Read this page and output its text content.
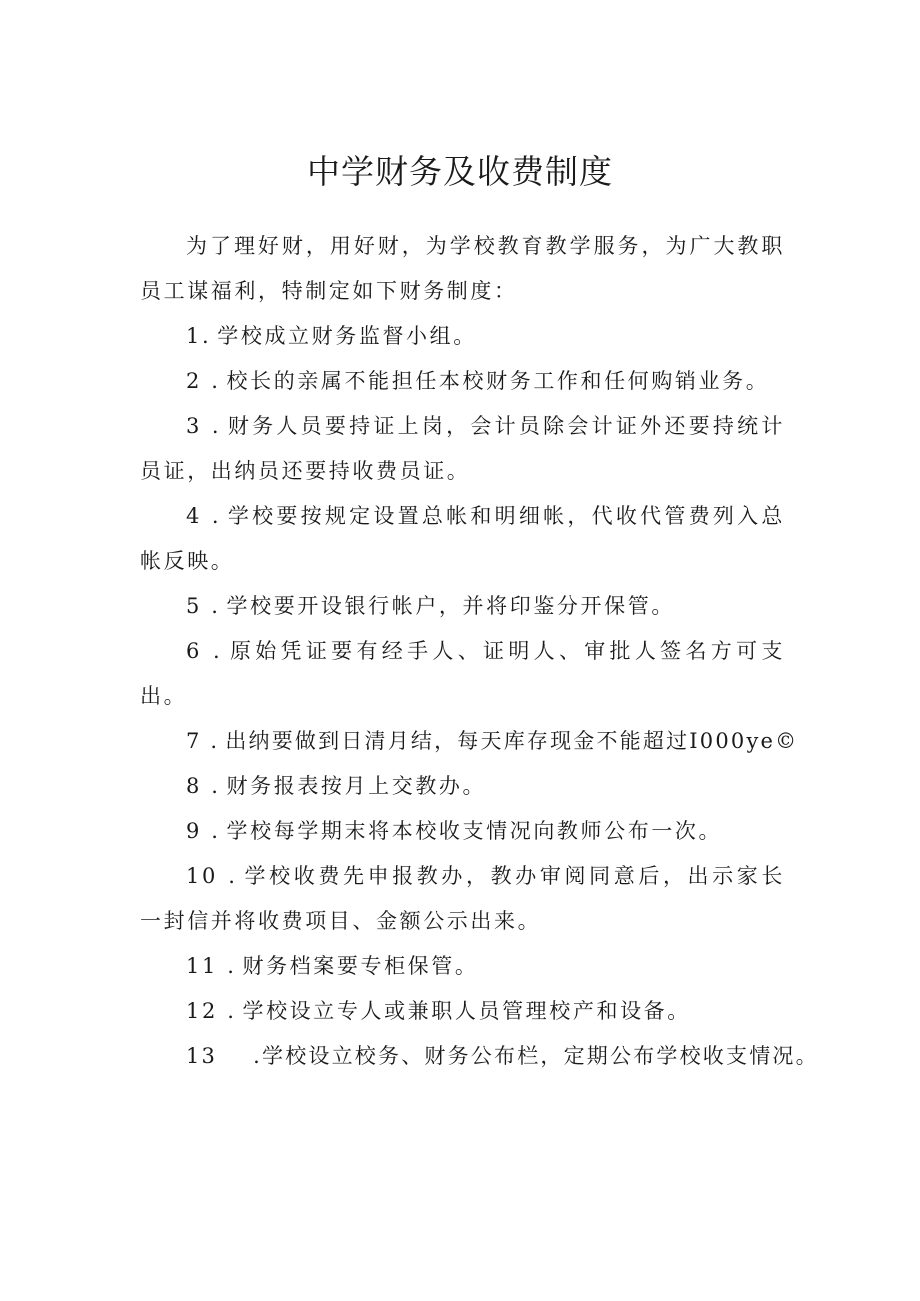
中学财务及收费制度

为了理好财，用好财，为学校教育教学服务，为广大教职员工谋福利，特制定如下财务制度：

1. 学校成立财务监督小组。

2 . 校长的亲属不能担任本校财务工作和任何购销业务。

3 . 财务人员要持证上岗，会计员除会计证外还要持统计员证，出纳员还要持收费员证。

4 . 学校要按规定设置总帐和明细帐，代收代管费列入总帐反映。

5 . 学校要开设银行帐户，并将印鉴分开保管。

6 . 原始凭证要有经手人、证明人、审批人签名方可支出。

7 . 出纳要做到日清月结，每天库存现金不能超过I000ye©

8 . 财务报表按月上交教办。

9 . 学校每学期末将本校收支情况向教师公布一次。

10 . 学校收费先申报教办，教办审阅同意后，出示家长一封信并将收费项目、金额公示出来。

11 . 财务档案要专柜保管。

12 . 学校设立专人或兼职人员管理校产和设备。

13 .学校设立校务、财务公布栏，定期公布学校收支情况。
